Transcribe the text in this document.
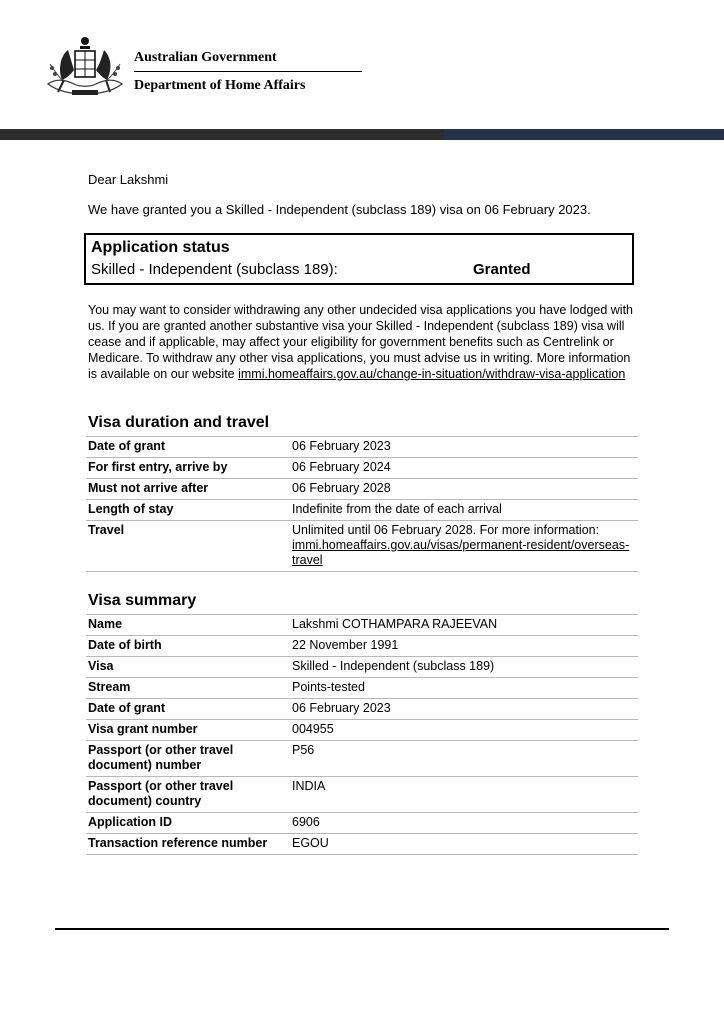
Australian Government
Department of Home Affairs

Dear Lakshmi

We have granted you a Skilled - Independent (subclass 189) visa on 06 February 2023.

Application status
Skilled - Independent (subclass 189):	Granted
You may want to consider withdrawing any other undecided visa applications you have lodged with us. If you are granted another substantive visa your Skilled - Independent (subclass 189) visa will cease and if applicable, may affect your eligibility for government benefits such as Centrelink or Medicare. To withdraw any other visa applications, you must advise us in writing. More information is available on our website immi.homeaffairs.gov.au/change-in-situation/withdraw-visa-application
Visa duration and travel
Date of grant	06 February 2023
For first entry, arrive by	06 February 2024
Must not arrive after	06 February 2028
Length of stay	Indefinite from the date of each arrival
Travel	Unlimited until 06 February 2028. For more information:
immi.homeaffairs.gov.au/visas/permanent-resident/overseas-travel
Visa summary
Name	Lakshmi COTHAMPARA RAJEEVAN
Date of birth	22 November 1991
Visa	Skilled - Independent (subclass 189)
Stream	Points-tested
Date of grant	06 February 2023
Visa grant number	004955
Passport (or other travel document) number	P56
Passport (or other travel document) country	INDIA
Application ID	6906
Transaction reference number	EGOU
